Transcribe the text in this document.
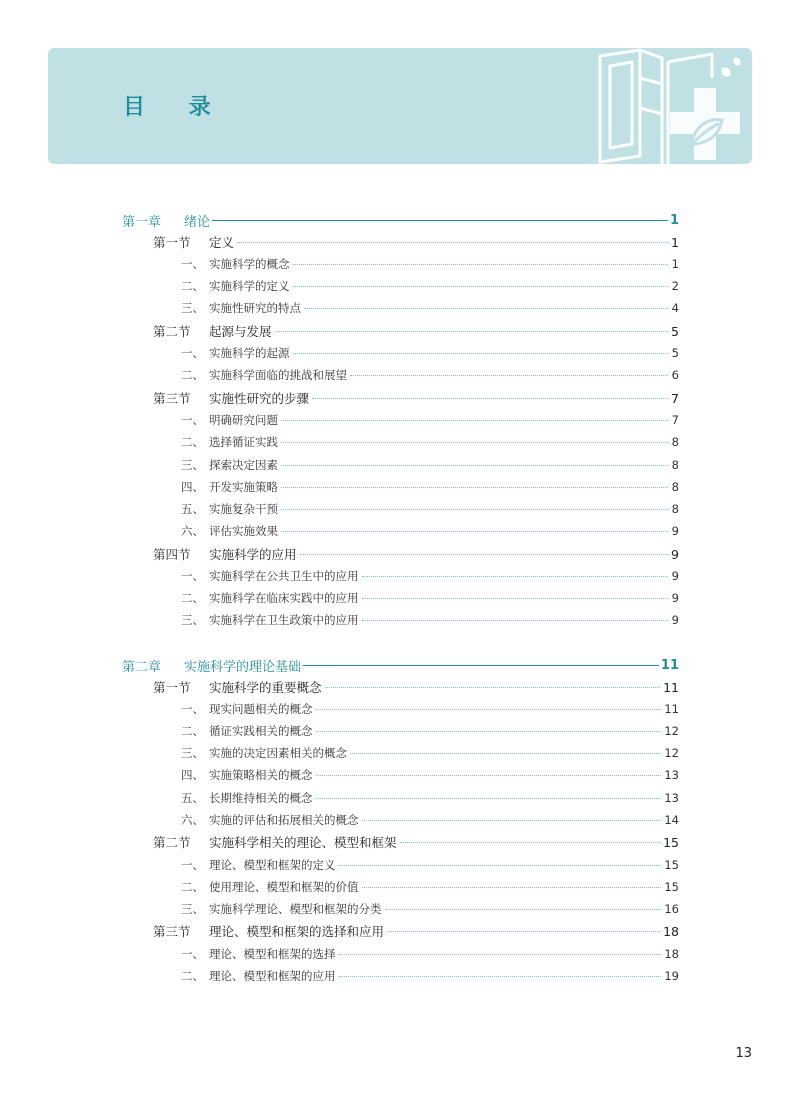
目 录
第一章	绪论	1
第一节	定义	1
一、 实施科学的概念	1
二、 实施科学的定义	2
三、 实施性研究的特点	4
第二节	起源与发展	5
一、 实施科学的起源	5
二、 实施科学面临的挑战和展望	6
第三节	实施性研究的步骤	7
一、 明确研究问题	7
二、 选择循证实践	8
三、 探索决定因素	8
四、 开发实施策略	8
五、 实施复杂干预	8
六、 评估实施效果	9
第四节	实施科学的应用	9
一、 实施科学在公共卫生中的应用	9
二、 实施科学在临床实践中的应用	9
三、 实施科学在卫生政策中的应用	9
第二章	实施科学的理论基础	11
第一节	实施科学的重要概念	11
一、 现实问题相关的概念	11
二、 循证实践相关的概念	12
三、 实施的决定因素相关的概念	12
四、 实施策略相关的概念	13
五、 长期维持相关的概念	13
六、 实施的评估和拓展相关的概念	14
第二节	实施科学相关的理论、模型和框架	15
一、 理论、模型和框架的定义	15
二、 使用理论、模型和框架的价值	15
三、 实施科学理论、模型和框架的分类	16
第三节	理论、模型和框架的选择和应用	18
一、 理论、模型和框架的选择	18
二、 理论、模型和框架的应用	19
13
